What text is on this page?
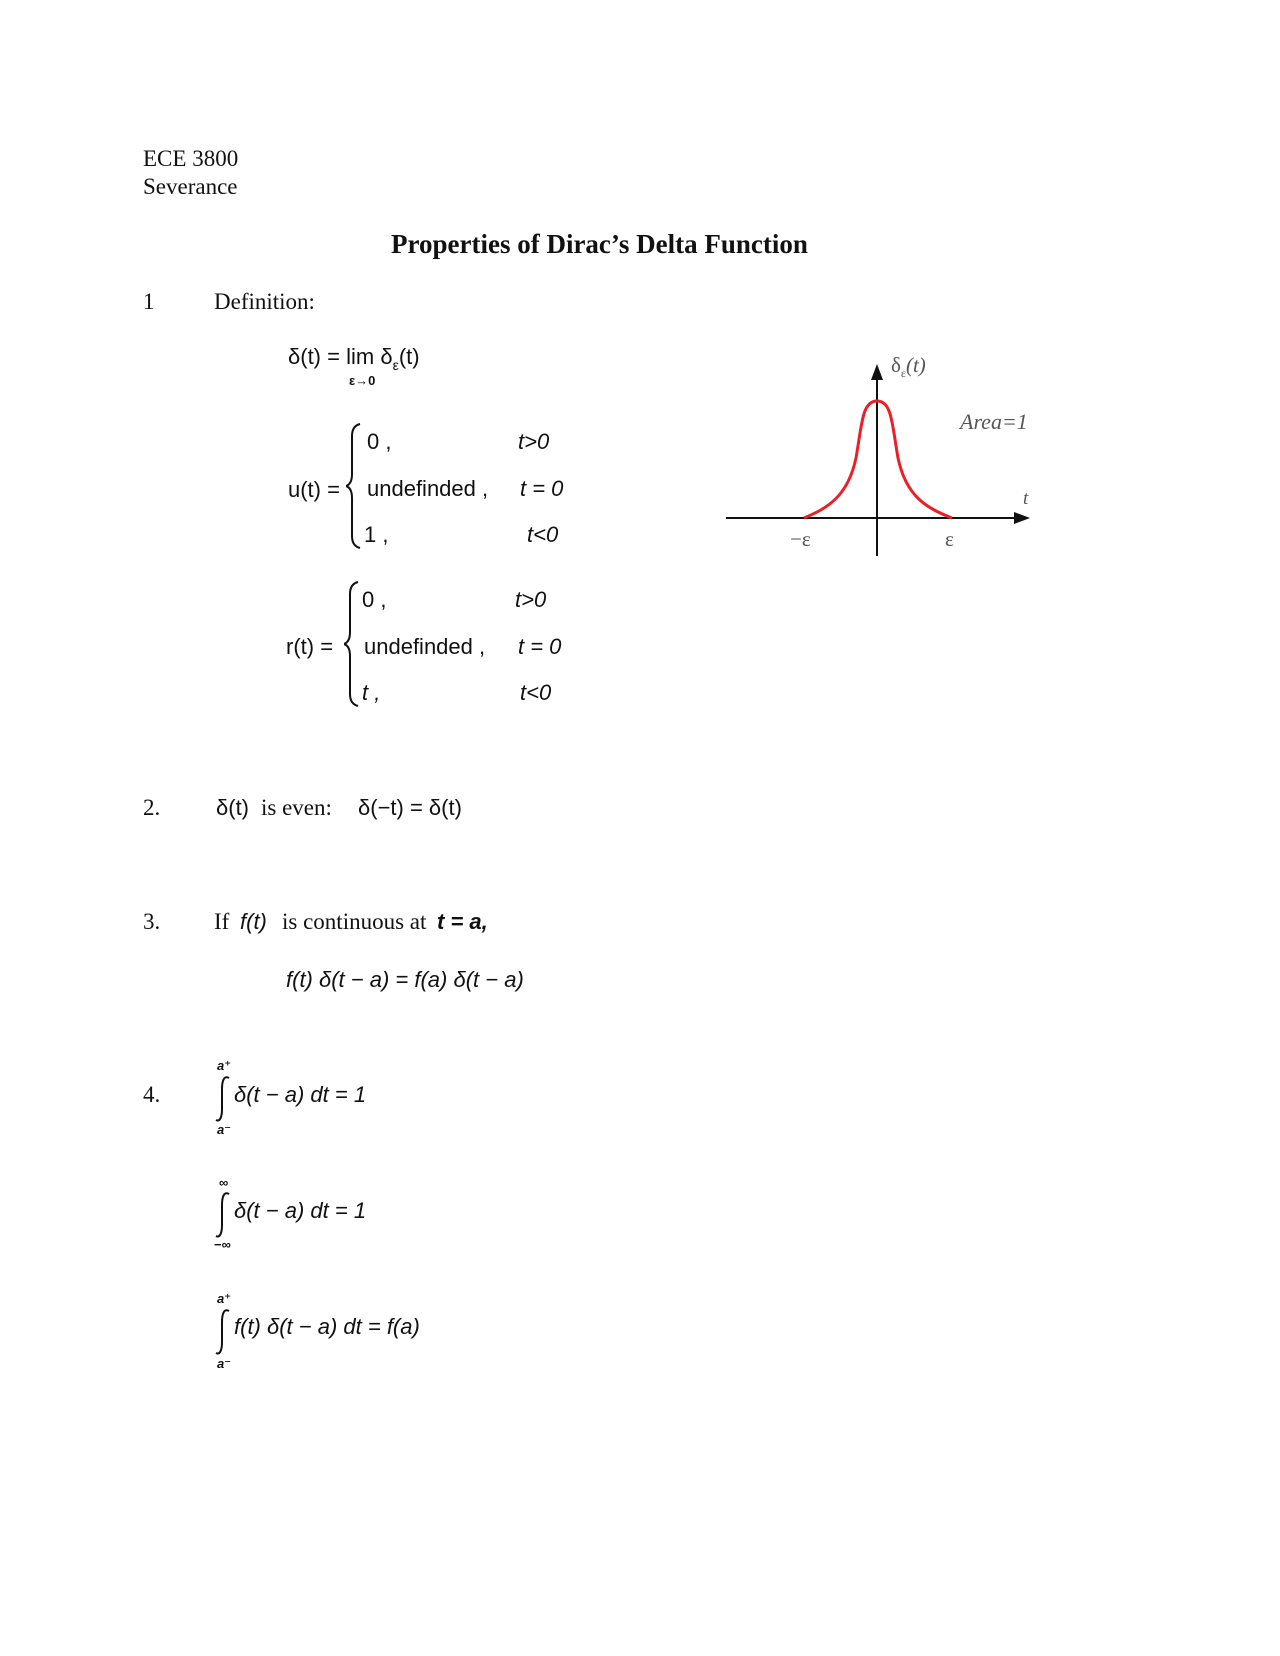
ECE 3800
Severance
Properties of Dirac’s Delta Function
1	Definition:
$\delta(t) = \lim \delta_\varepsilon(t)$
ε→0
u(t) =
0 ,	t>0
undefinded , t = 0
1 ,	t<0
r(t) =
0 ,	t>0
undefinded , t = 0
t ,	t<0
$\delta_\varepsilon(t)$
Area=1
t
−ε	ε
2.	δ(t) is even: δ(−t) = δ(t)
3. If f(t) is continuous at t = a,
f(t) δ(t − a) = f(a) δ(t − a)
4.
a⁺
a⁻
δ(t − a) dt = 1
∞
−∞
δ(t − a) dt = 1
a⁺
a⁻
f(t) δ(t − a) dt = f(a)
